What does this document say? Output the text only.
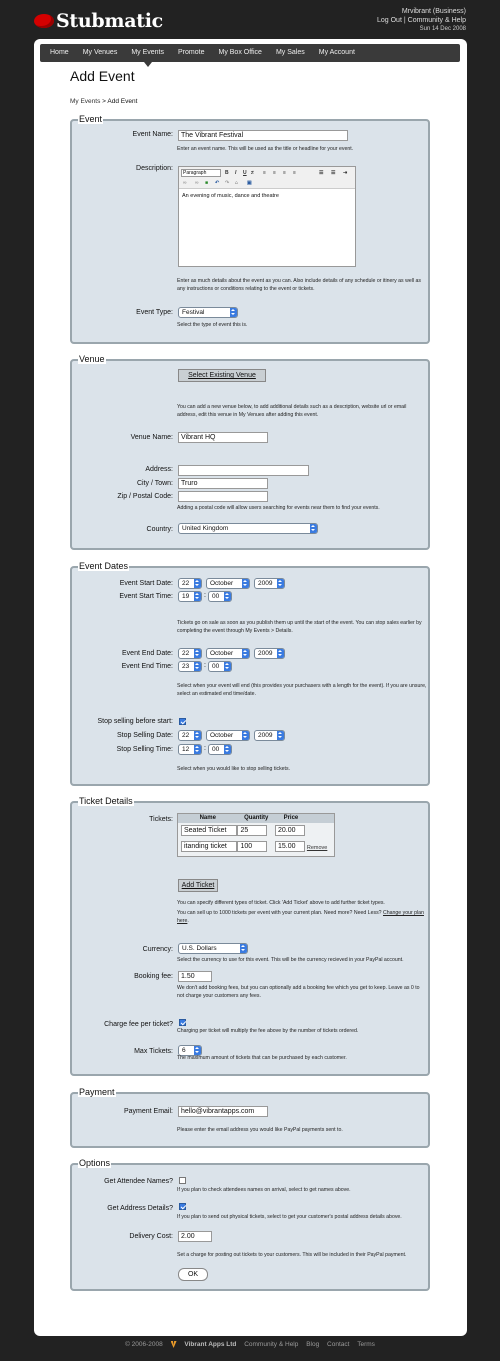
Stubmatic	Mrvibrant (Business)
Log Out | Community & Help
Sun 14 Dec 2008
Home	My Venues	My Events	Promote	My Box Office	My Sales	My Account
Add Event
My Events > Add Event
Event
Event Name:	The Vibrant Festival
Enter an event name. This will be used as the title or headline for your event.
Description:
Paragraph	B I U ≠ ≡ ≡ ≡ ≡	☰ ☰ ⇥
∞ ∞ ■ ↶ ↷ ⌂ ▣
An evening of music, dance and theatre
Enter as much details about the event as you can. Also include details of any schedule or itinery as well as any instructions or conditions relating to the event or tickets.
Event Type:	Festival
Select the type of event this is.
Venue
Select Existing Venue
You can add a new venue below, to add additional details such as a description, website url or email address, edit this venue in My Venues after adding this event.
Venue Name:	Vibrant HQ
Address:
City / Town:	Truro
Zip / Postal Code:
Adding a postal code will allow users searching for events near them to find your events.
Country:	United Kingdom
Event Dates
Event Start Date:	22	October	2009
Event Start Time:	19	: 00
Tickets go on sale as soon as you publish them up until the start of the event. You can stop sales earlier by completing the event through My Events > Details.
Event End Date:	22	October	2009
Event End Time:	23	: 00
Select when your event will end (this provides your purchasers with a length for the event). If you are unsure, select an estimated end time/date.
Stop selling before start:
Stop Selling Date:	22	October	2009
Stop Selling Time:	12	: 00
Select when you would like to stop selling tickets.
Ticket Details
Tickets:	Name	Quantity	Price	
Seated Ticket	25	20.00	
itanding ticket	100	15.00	Remove
Add Ticket
You can specify different types of ticket. Click 'Add Ticket' above to add further ticket types.
You can sell up to 1000 tickets per event with your current plan. Need more? Need Less? Change your plan here.
Currency:	U.S. Dollars
Select the currency to use for this event. This will be the currency recieved in your PayPal account.
Booking fee:	1.50
We don't add booking fees, but you can optionally add a booking fee which you get to keep. Leave as 0 to not charge your customers any fees.
Charge fee per ticket?
Charging per ticket will multiply the fee above by the number of tickets ordered.
Max Tickets:	6
The maximum amount of tickets that can be purchased by each customer.
Payment
Payment Email:	hello@vibrantapps.com
Please enter the email address you would like PayPal payments sent to.
Options
Get Attendee Names?
If you plan to check attendees names on arrival, select to get names above.
Get Address Details?
If you plan to send out physical tickets, select to get your customer's postal address details above.
Delivery Cost:	2.00
Set a charge for posting out tickets to your customers. This will be included in their PayPal payment.
OK
© 2006-2008	Vibrant Apps Ltd Community & Help Blog Contact Terms
